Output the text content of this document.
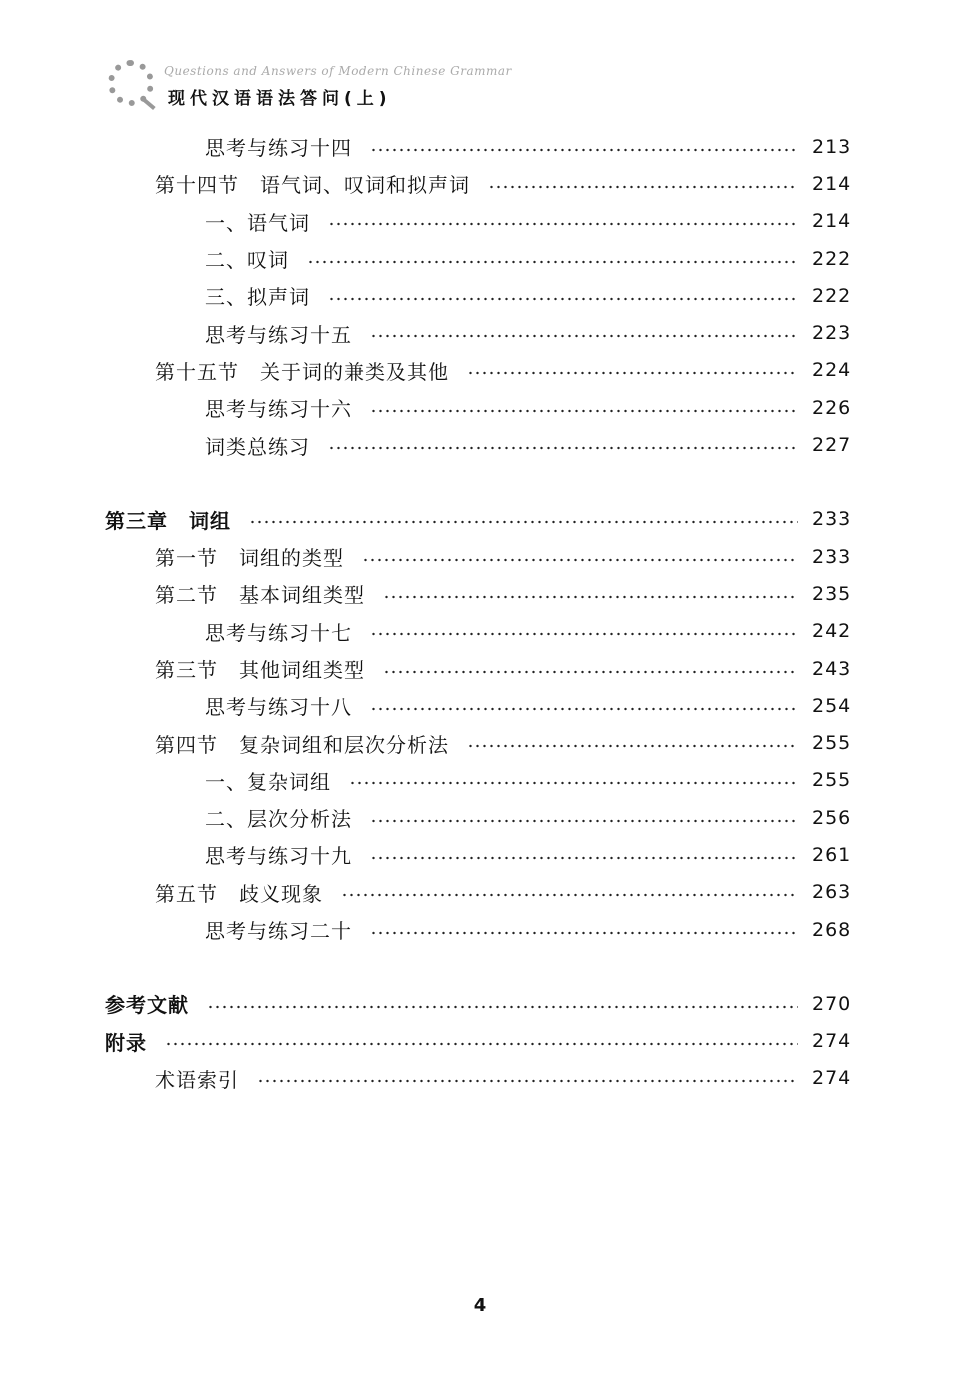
Questions and Answers of Modern Chinese Grammar
现代汉语语法答问(上)
思考与练习十四	213
第十四节　语气词、叹词和拟声词	214
一、语气词	214
二、叹词	222
三、拟声词	222
思考与练习十五	223
第十五节　关于词的兼类及其他	224
思考与练习十六	226
词类总练习	227
第三章　词组	233
第一节　词组的类型	233
第二节　基本词组类型	235
思考与练习十七	242
第三节　其他词组类型	243
思考与练习十八	254
第四节　复杂词组和层次分析法	255
一、复杂词组	255
二、层次分析法	256
思考与练习十九	261
第五节　歧义现象	263
思考与练习二十	268
参考文献	270
附录	274
术语索引	274
4
